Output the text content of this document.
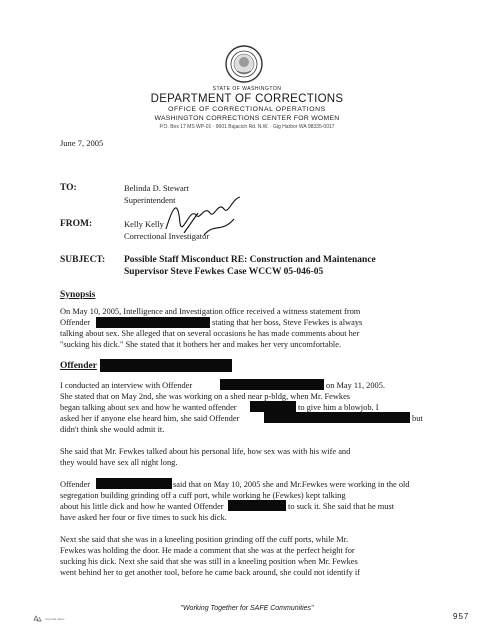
STATE OF WASHINGTON
DEPARTMENT OF CORRECTIONS
OFFICE OF CORRECTIONAL OPERATIONS
WASHINGTON CORRECTIONS CENTER FOR WOMEN
P.O. Box 17 MS WP-01 · 9601 Bujacich Rd. N.W. · Gig Harbor WA 98335-0017
June 7, 2005
TO:	Belinda D. Stewart
Superintendent
FROM:	Kelly Kelly
Correctional Investigator
SUBJECT: Possible Staff Misconduct RE: Construction and Maintenance
Supervisor Steve Fewkes Case WCCW 05-046-05
Synopsis
On May 10, 2005, Intelligence and Investigation office received a witness statement from
Offender	stating that her boss, Steve Fewkes is always
talking about sex. She alleged that on several occasions he has made comments about her
"sucking his dick." She stated that it bothers her and makes her very uncomfortable.
Offender
I conducted an interview with Offender	on May 11, 2005.
She stated that on May 2nd, she was working on a shed near p-bldg, when Mr. Fewkes
began talking about sex and how he wanted offender	to give him a blowjob. I
asked her if anyone else heard him, she said Offender	but
didn't think she would admit it.
She said that Mr. Fewkes talked about his personal life, how sex was with his wife and
they would have sex all night long.
Offender	said that on May 10, 2005 she and Mr.Fewkes were working in the old
segregation building grinding off a cuff port, while working he (Fewkes) kept talking
about his little dick and how he wanted Offender	to suck it. She said that he must
have asked her four or five times to suck his dick.
Next she said that she was in a kneeling position grinding off the cuff ports, while Mr.
Fewkes was holding the door. He made a comment that she was at the perfect height for
sucking his dick. Next she said that she was still in a kneeling position when Mr. Fewkes
went behind her to get another tool, before he came back around, she could not identify if
"Working Together for SAFE Communities"
recycled paper	957
